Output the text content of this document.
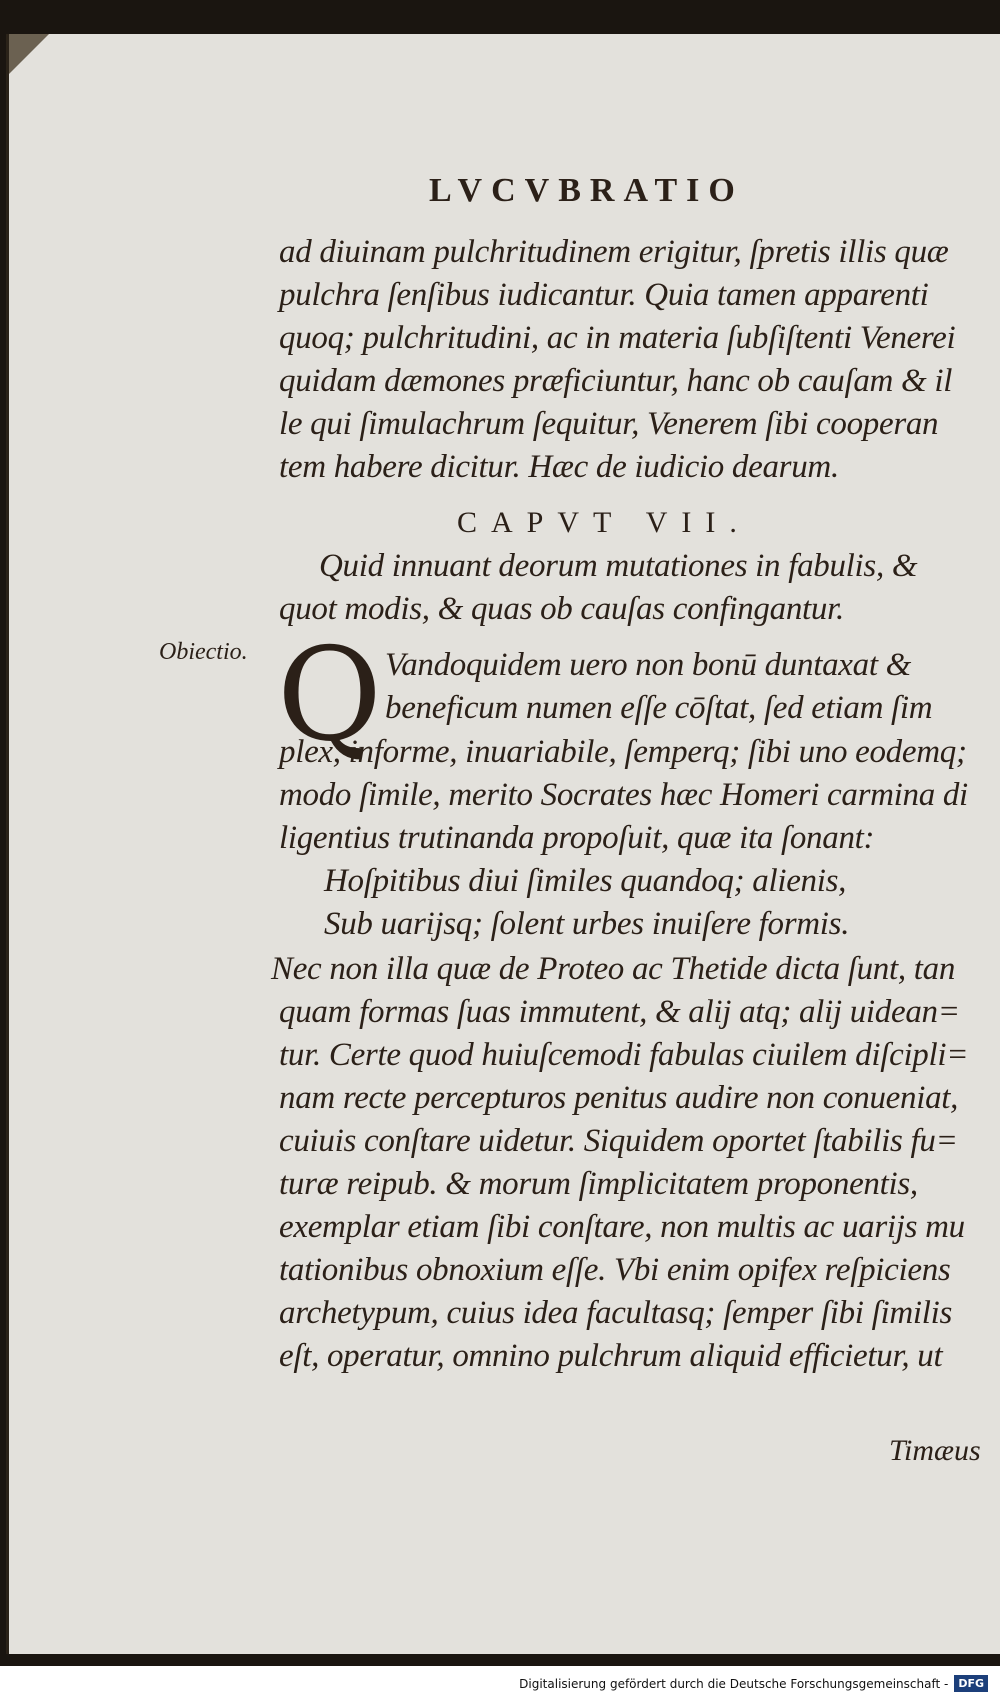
LVCVBRATIO
ad diuinam pulchritudinem erigitur, ſpretis illis quæ
pulchra ſenſibus iudicantur. Quia tamen apparenti
quoq; pulchritudini, ac in materia ſubſiſtenti Venerei
quidam dæmones præficiuntur, hanc ob cauſam & il
le qui ſimulachrum ſequitur, Venerem ſibi cooperan
tem habere dicitur. Hæc de iudicio dearum.
CAPVT VII.
Quid innuant deorum mutationes in fabulis, &
quot modis, & quas ob cauſas confingantur.
Obiectio. Q Vandoquidem uero non bonū duntaxat &
beneficum numen eſſe cōſtat, ſed etiam ſim
plex, informe, inuariabile, ſemperq; ſibi uno eodemq;
modo ſimile, merito Socrates hæc Homeri carmina di
ligentius trutinanda propoſuit, quæ ita ſonant:
Hoſpitibus diui ſimiles quandoq; alienis,
Sub uarijsq; ſolent urbes inuiſere formis.
Nec non illa quæ de Proteo ac Thetide dicta ſunt, tan
quam formas ſuas immutent, & alij atq; alij uidean=
tur. Certe quod huiuſcemodi fabulas ciuilem diſcipli=
nam recte percepturos penitus audire non conueniat,
cuiuis conſtare uidetur. Siquidem oportet ſtabilis fu=
turæ reipub. & morum ſimplicitatem proponentis,
exemplar etiam ſibi conſtare, non multis ac uarijs mu
tationibus obnoxium eſſe. Vbi enim opifex reſpiciens
archetypum, cuius idea facultasq; ſemper ſibi ſimilis
eſt, operatur, omnino pulchrum aliquid efficietur, ut
Timæus
Digitalisierung gefördert durch die Deutsche Forschungsgemeinschaft - DFG
